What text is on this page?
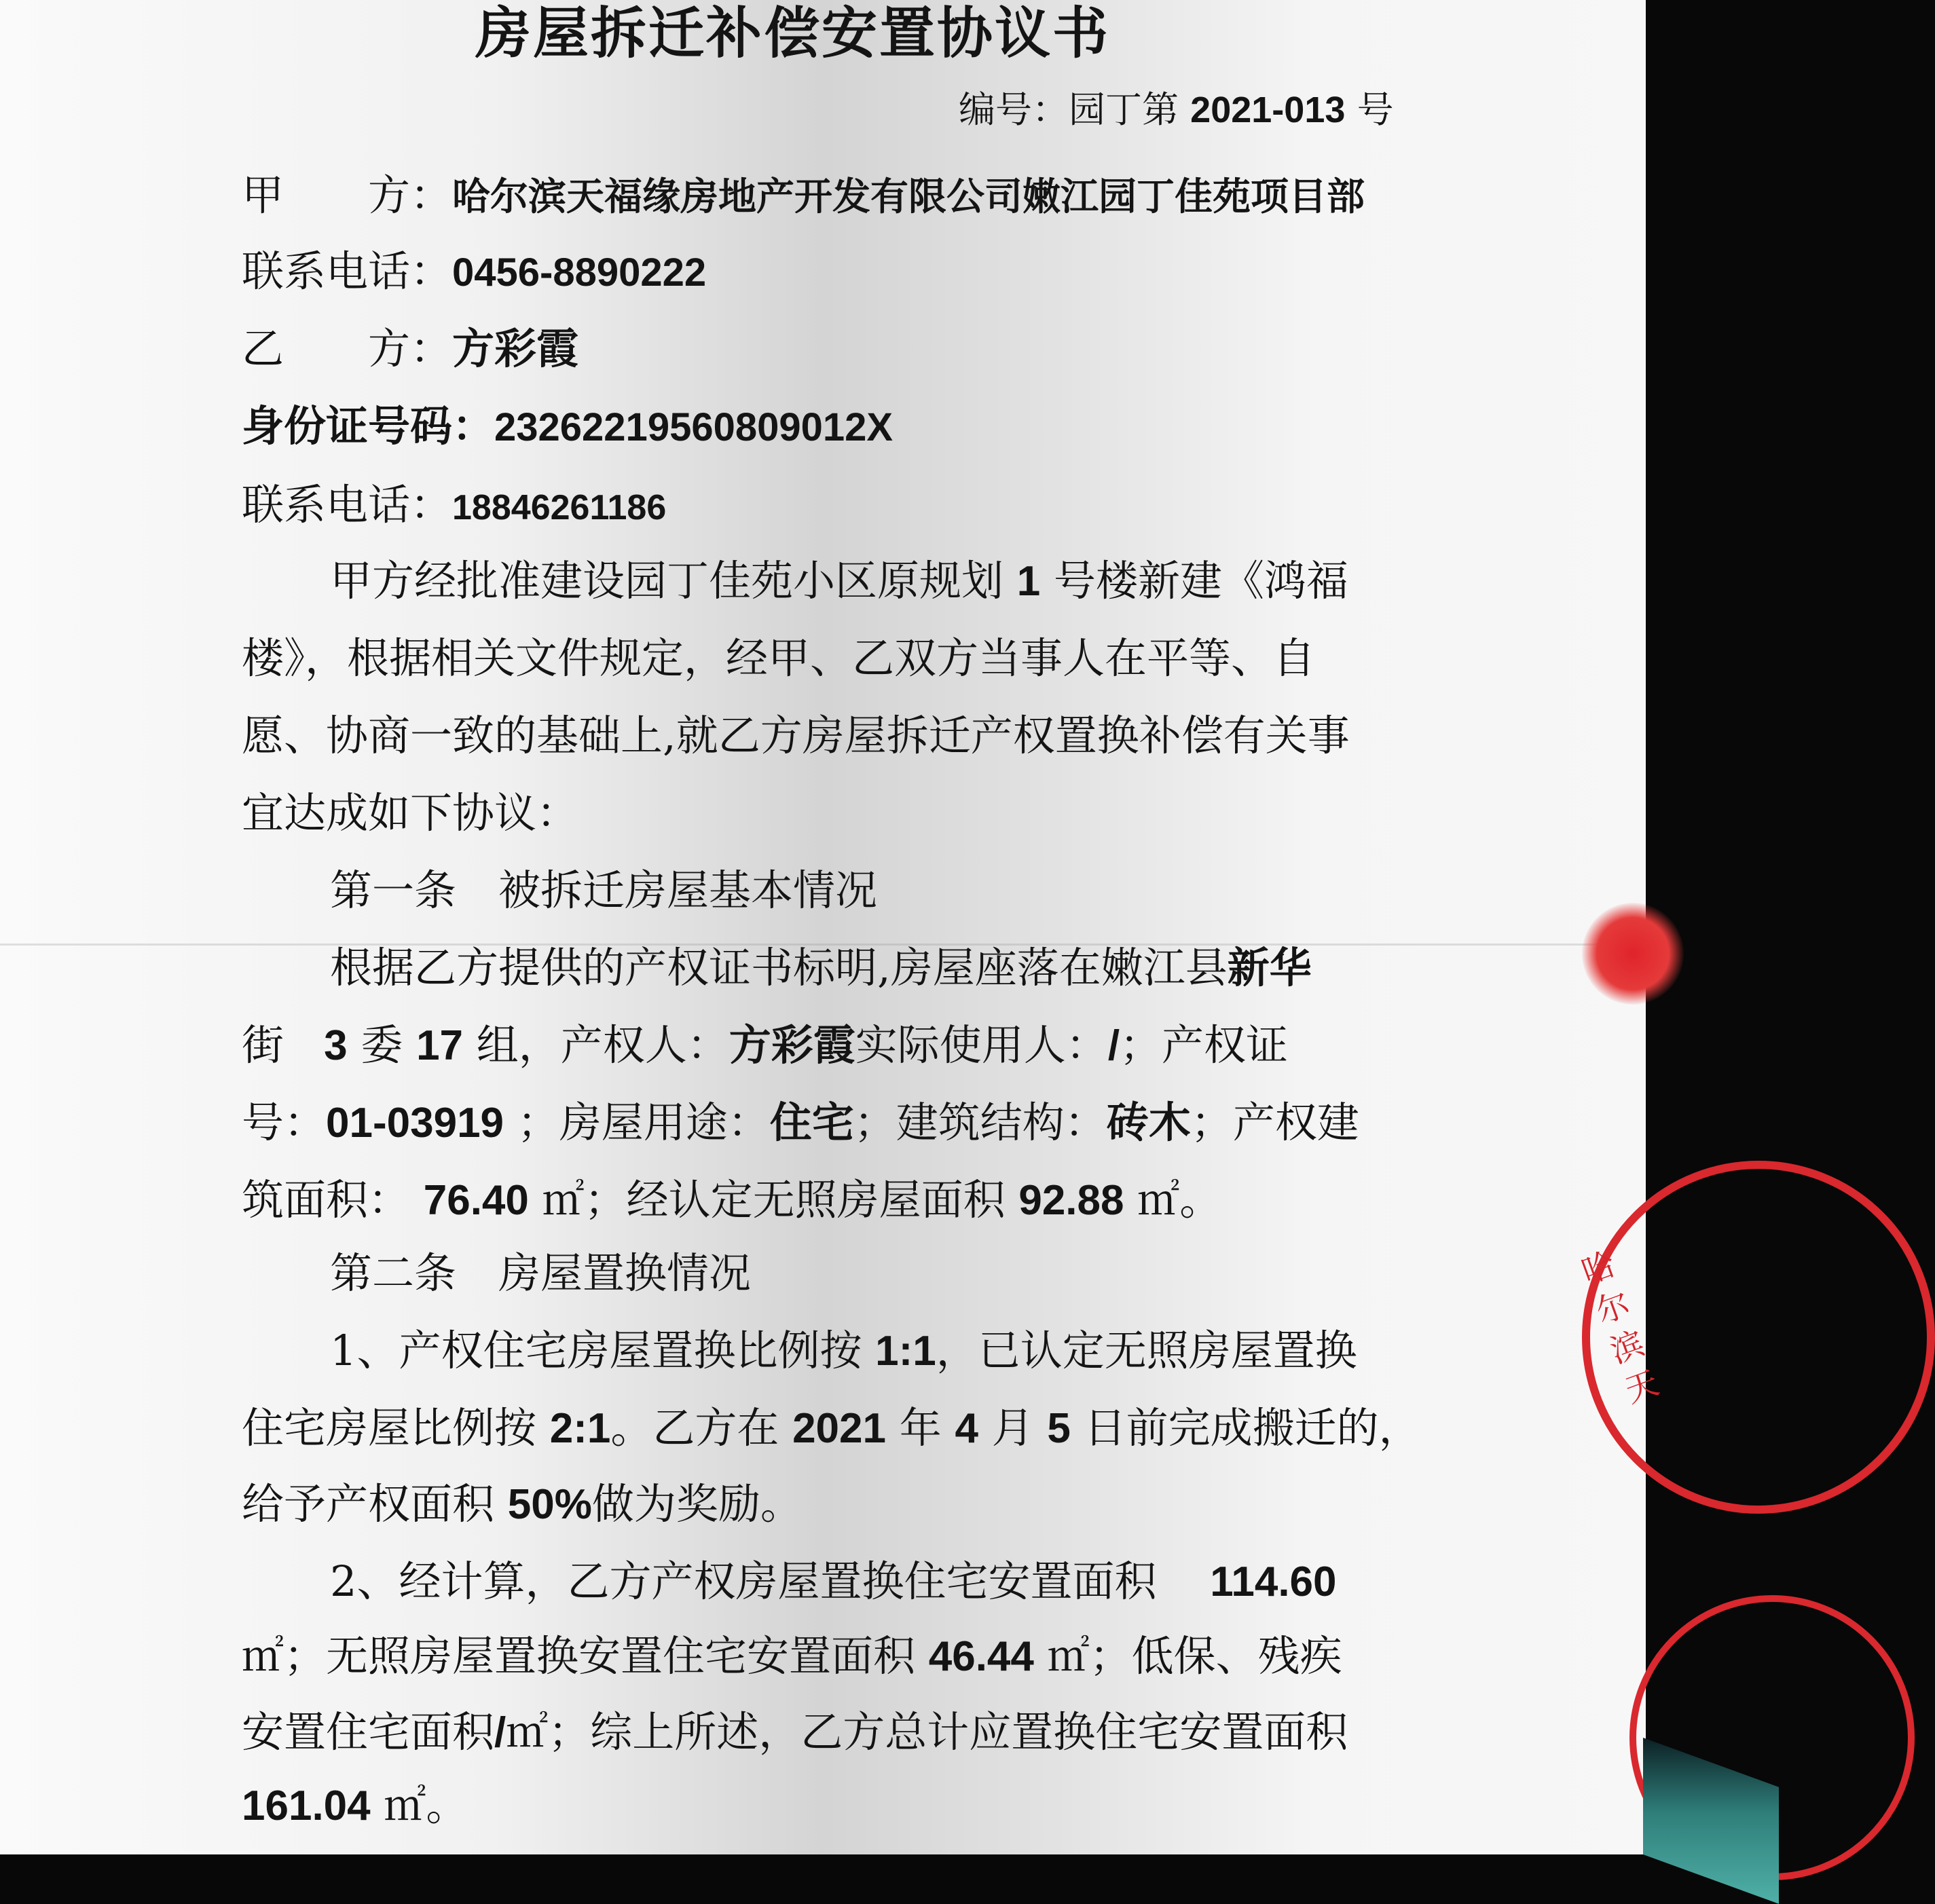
房屋拆迁补偿安置协议书

编号：园丁第 2021-013 号

甲　　方：哈尔滨天福缘房地产开发有限公司嫩江园丁佳苑项目部

联系电话：0456-8890222

乙　　方：方彩霞

身份证号码：23262219560809012X

联系电话：18846261186

甲方经批准建设园丁佳苑小区原规划 1 号楼新建《鸿福

楼》，根据相关文件规定，经甲、乙双方当事人在平等、自

愿、协商一致的基础上,就乙方房屋拆迁产权置换补偿有关事

宜达成如下协议：

第一条　被拆迁房屋基本情况

根据乙方提供的产权证书标明,房屋座落在嫩江县新华

街 3 委 17 组，产权人：方彩霞实际使用人：/；产权证

号：01-03919 ；房屋用途：住宅；建筑结构：砖木；产权建

筑面积： 76.40 ㎡；经认定无照房屋面积 92.88 ㎡。

第二条　房屋置换情况

1、产权住宅房屋置换比例按 1:1，已认定无照房屋置换

住宅房屋比例按 2:1。乙方在 2021 年 4 月 5 日前完成搬迁的，

给予产权面积 50%做为奖励。

2、经计算，乙方产权房屋置换住宅安置面积 114.60

㎡；无照房屋置换安置住宅安置面积 46.44 ㎡；低保、残疾

安置住宅面积/㎡；综上所述，乙方总计应置换住宅安置面积

161.04 ㎡。

哈尔滨天
